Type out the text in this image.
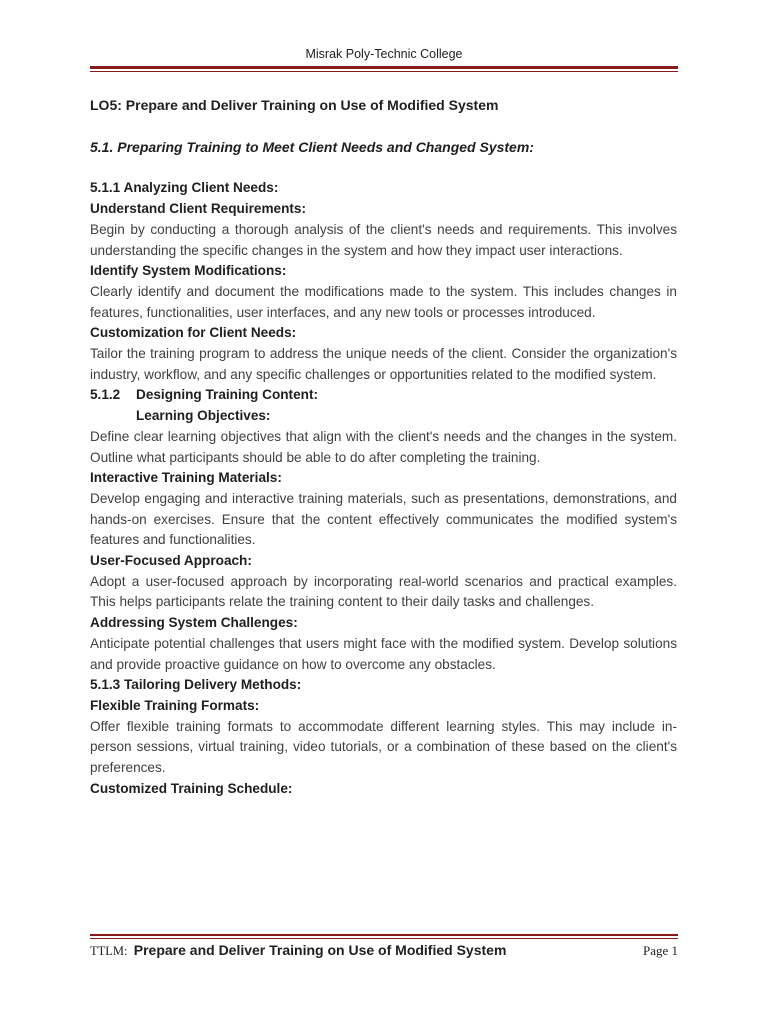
Misrak Poly-Technic College

LO5: Prepare and Deliver Training on Use of Modified System

5.1. Preparing Training to Meet Client Needs and Changed System:

5.1.1 Analyzing Client Needs:

Understand Client Requirements:

Begin by conducting a thorough analysis of the client's needs and requirements. This involves understanding the specific changes in the system and how they impact user interactions.

Identify System Modifications:

Clearly identify and document the modifications made to the system. This includes changes in features, functionalities, user interfaces, and any new tools or processes introduced.

Customization for Client Needs:

Tailor the training program to address the unique needs of the client. Consider the organization's industry, workflow, and any specific challenges or opportunities related to the modified system.

5.1.2 Designing Training Content:

Learning Objectives:

Define clear learning objectives that align with the client's needs and the changes in the system. Outline what participants should be able to do after completing the training.

Interactive Training Materials:

Develop engaging and interactive training materials, such as presentations, demonstrations, and hands-on exercises. Ensure that the content effectively communicates the modified system's features and functionalities.

User-Focused Approach:

Adopt a user-focused approach by incorporating real-world scenarios and practical examples. This helps participants relate the training content to their daily tasks and challenges.

Addressing System Challenges:

Anticipate potential challenges that users might face with the modified system. Develop solutions and provide proactive guidance on how to overcome any obstacles.

5.1.3 Tailoring Delivery Methods:

Flexible Training Formats:

Offer flexible training formats to accommodate different learning styles. This may include in-person sessions, virtual training, video tutorials, or a combination of these based on the client's preferences.

Customized Training Schedule:

TTLM: Prepare and Deliver Training on Use of Modified System	Page 1
